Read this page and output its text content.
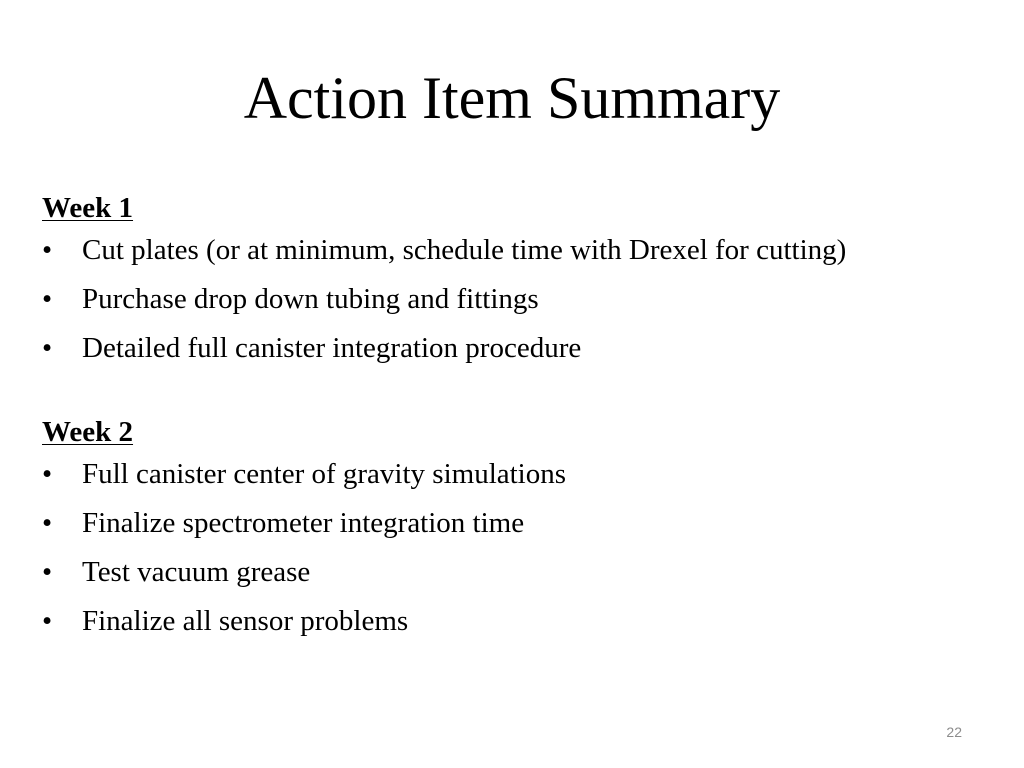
Action Item Summary
Week 1
•	Cut plates (or at minimum, schedule time with Drexel for cutting)
•	Purchase drop down tubing and fittings
•	Detailed full canister integration procedure
Week 2
•	Full canister center of gravity simulations
•	Finalize spectrometer integration time
•	Test vacuum grease
•	Finalize all sensor problems
22
